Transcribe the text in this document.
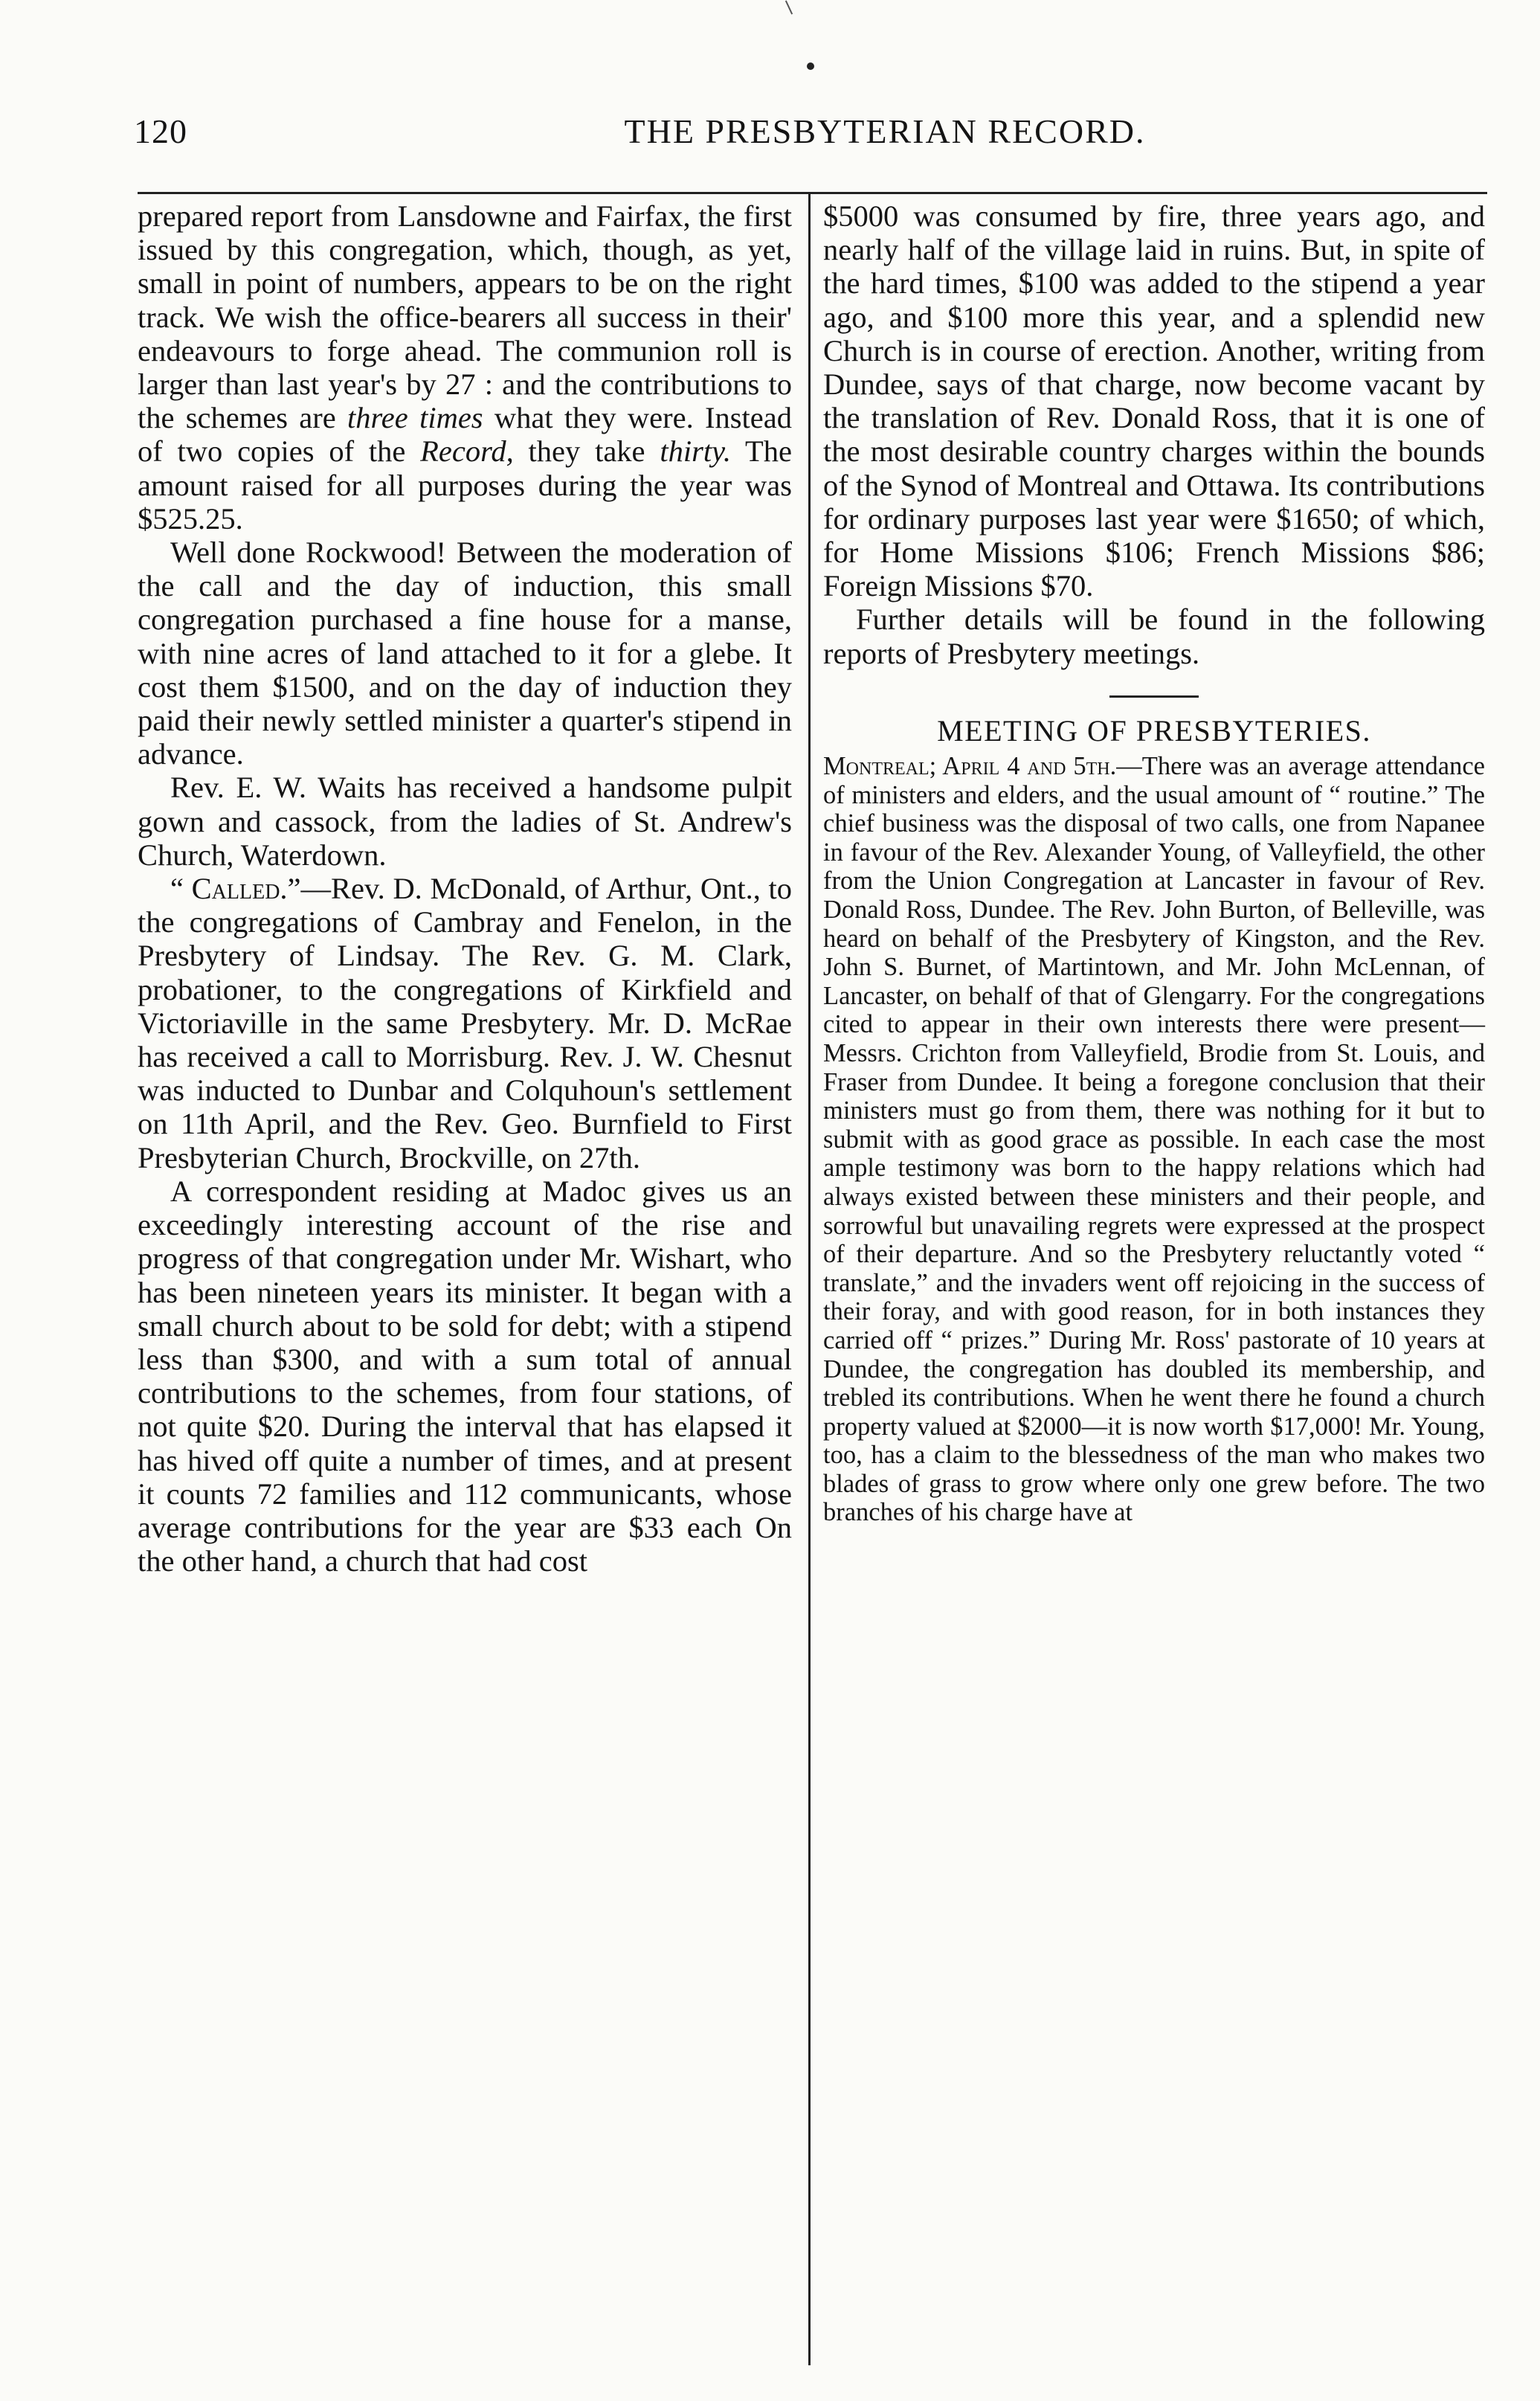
120	THE PRESBYTERIAN RECORD.

prepared report from Lansdowne and Fairfax, the first issued by this congregation, which, though, as yet, small in point of numbers, appears to be on the right track. We wish the office-bearers all success in their' endeavours to forge ahead. The communion roll is larger than last year's by 27 : and the contributions to the schemes are three times what they were. Instead of two copies of the Record, they take thirty. The amount raised for all purposes during the year was $525.25.

Well done Rockwood! Between the moderation of the call and the day of induction, this small congregation purchased a fine house for a manse, with nine acres of land attached to it for a glebe. It cost them $1500, and on the day of induction they paid their newly settled minister a quarter's stipend in advance.

Rev. E. W. Waits has received a handsome pulpit gown and cassock, from the ladies of St. Andrew's Church, Waterdown.

“ Called.”—Rev. D. McDonald, of Arthur, Ont., to the congregations of Cambray and Fenelon, in the Presbytery of Lindsay. The Rev. G. M. Clark, probationer, to the congregations of Kirkfield and Victoriaville in the same Presbytery. Mr. D. McRae has received a call to Morrisburg. Rev. J. W. Chesnut was inducted to Dunbar and Colquhoun's settlement on 11th April, and the Rev. Geo. Burnfield to First Presbyterian Church, Brockville, on 27th.

A correspondent residing at Madoc gives us an exceedingly interesting account of the rise and progress of that congregation under Mr. Wishart, who has been nineteen years its minister. It began with a small church about to be sold for debt; with a stipend less than $300, and with a sum total of annual contributions to the schemes, from four stations, of not quite $20. During the interval that has elapsed it has hived off quite a number of times, and at present it counts 72 families and 112 communicants, whose average contributions for the year are $33 each On the other hand, a church that had cost

$5000 was consumed by fire, three years ago, and nearly half of the village laid in ruins. But, in spite of the hard times, $100 was added to the stipend a year ago, and $100 more this year, and a splendid new Church is in course of erection. Another, writing from Dundee, says of that charge, now become vacant by the translation of Rev. Donald Ross, that it is one of the most desirable country charges within the bounds of the Synod of Montreal and Ottawa. Its contributions for ordinary purposes last year were $1650; of which, for Home Missions $106; French Missions $86; Foreign Missions $70.

Further details will be found in the following reports of Presbytery meetings.

MEETING OF PRESBYTERIES.

Montreal; April 4 and 5th.—There was an average attendance of ministers and elders, and the usual amount of “ routine.” The chief business was the disposal of two calls, one from Napanee in favour of the Rev. Alexander Young, of Valleyfield, the other from the Union Congregation at Lancaster in favour of Rev. Donald Ross, Dundee. The Rev. John Burton, of Belleville, was heard on behalf of the Presbytery of Kingston, and the Rev. John S. Burnet, of Martintown, and Mr. John McLennan, of Lancaster, on behalf of that of Glengarry. For the congregations cited to appear in their own interests there were present—Messrs. Crichton from Valleyfield, Brodie from St. Louis, and Fraser from Dundee. It being a foregone conclusion that their ministers must go from them, there was nothing for it but to submit with as good grace as possible. In each case the most ample testimony was born to the happy relations which had always existed between these ministers and their people, and sorrowful but unavailing regrets were expressed at the prospect of their departure. And so the Presbytery reluctantly voted “ translate,” and the invaders went off rejoicing in the success of their foray, and with good reason, for in both instances they carried off “ prizes.” During Mr. Ross' pastorate of 10 years at Dundee, the congregation has doubled its membership, and trebled its contributions. When he went there he found a church property valued at $2000—it is now worth $17,000! Mr. Young, too, has a claim to the blessedness of the man who makes two blades of grass to grow where only one grew before. The two branches of his charge have at
